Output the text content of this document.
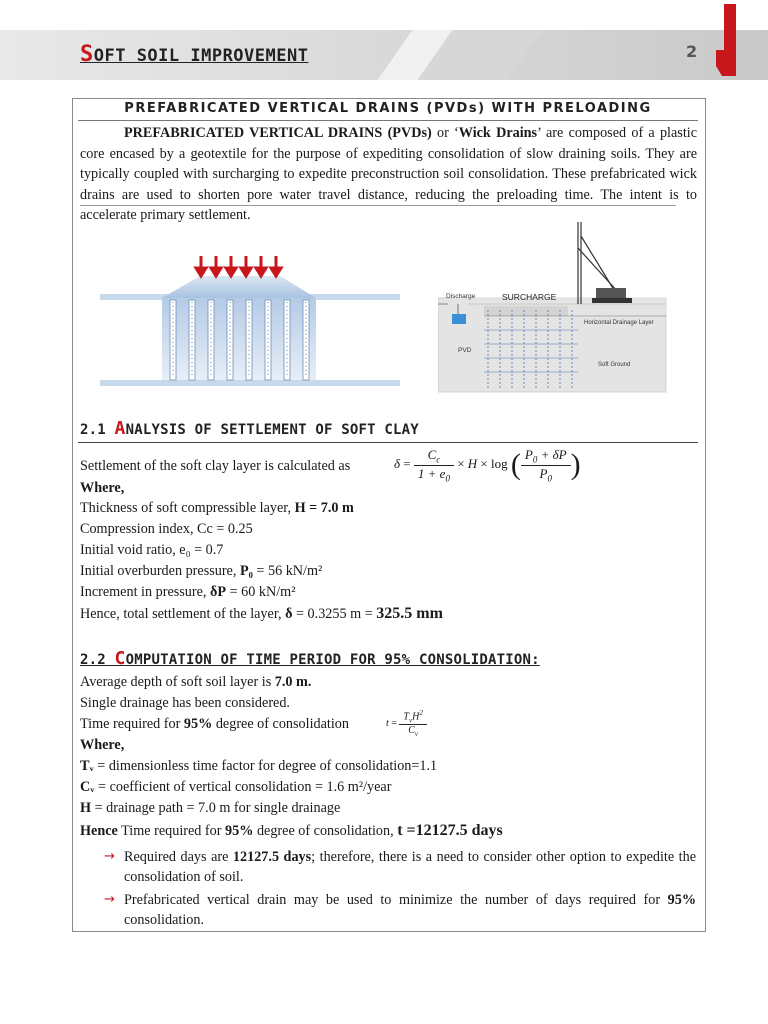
SOFT SOIL IMPROVEMENT	2
PREFABRICATED VERTICAL DRAINS (PVDs) WITH PRELOADING
PREFABRICATED VERTICAL DRAINS (PVDs) or ‘Wick Drains’ are composed of a plastic core encased by a geotextile for the purpose of expediting consolidation of slow draining soils. They are typically coupled with surcharging to expedite preconstruction soil consolidation. These prefabricated wick drains are used to shorten pore water travel distance, reducing the preloading time. The intent is to accelerate primary settlement.
Discharge	SURCHARGE
PVD
Horizontal Drainage Layer
Soft Ground
2.1 ANALYSIS OF SETTLEMENT OF SOFT CLAY
Settlement of the soft clay layer is calculated as	$\delta = \frac{C_c}{1 + e_0} \times H \times \log$ ( $\frac{P_0 + \delta P}{P_0}$ )
Where,
Thickness of soft compressible layer, H = 7.0 m
Compression index, Cc = 0.25
Initial void ratio, e₀ = 0.7
Initial overburden pressure, P₀ = 56 kN/m²
Increment in pressure, δP = 60 kN/m²
Hence, total settlement of the layer, δ = 0.3255 m = 325.5 mm
2.2 COMPUTATION OF TIME PERIOD FOR 95% CONSOLIDATION:
Average depth of soft soil layer is 7.0 m.
Single drainage has been considered.
Time required for 95% degree of consolidation	$t = \frac{T_vH^2}{C_v}$
Where,
Tᵥ = dimensionless time factor for degree of consolidation=1.1
Cᵥ = coefficient of vertical consolidation = 1.6 m²/year
H = drainage path = 7.0 m for single drainage
Hence Time required for 95% degree of consolidation, t =12127.5 days
→ Required days are 12127.5 days; therefore, there is a need to consider other option to expedite the consolidation of soil.
→ Prefabricated vertical drain may be used to minimize the number of days required for 95% consolidation.
